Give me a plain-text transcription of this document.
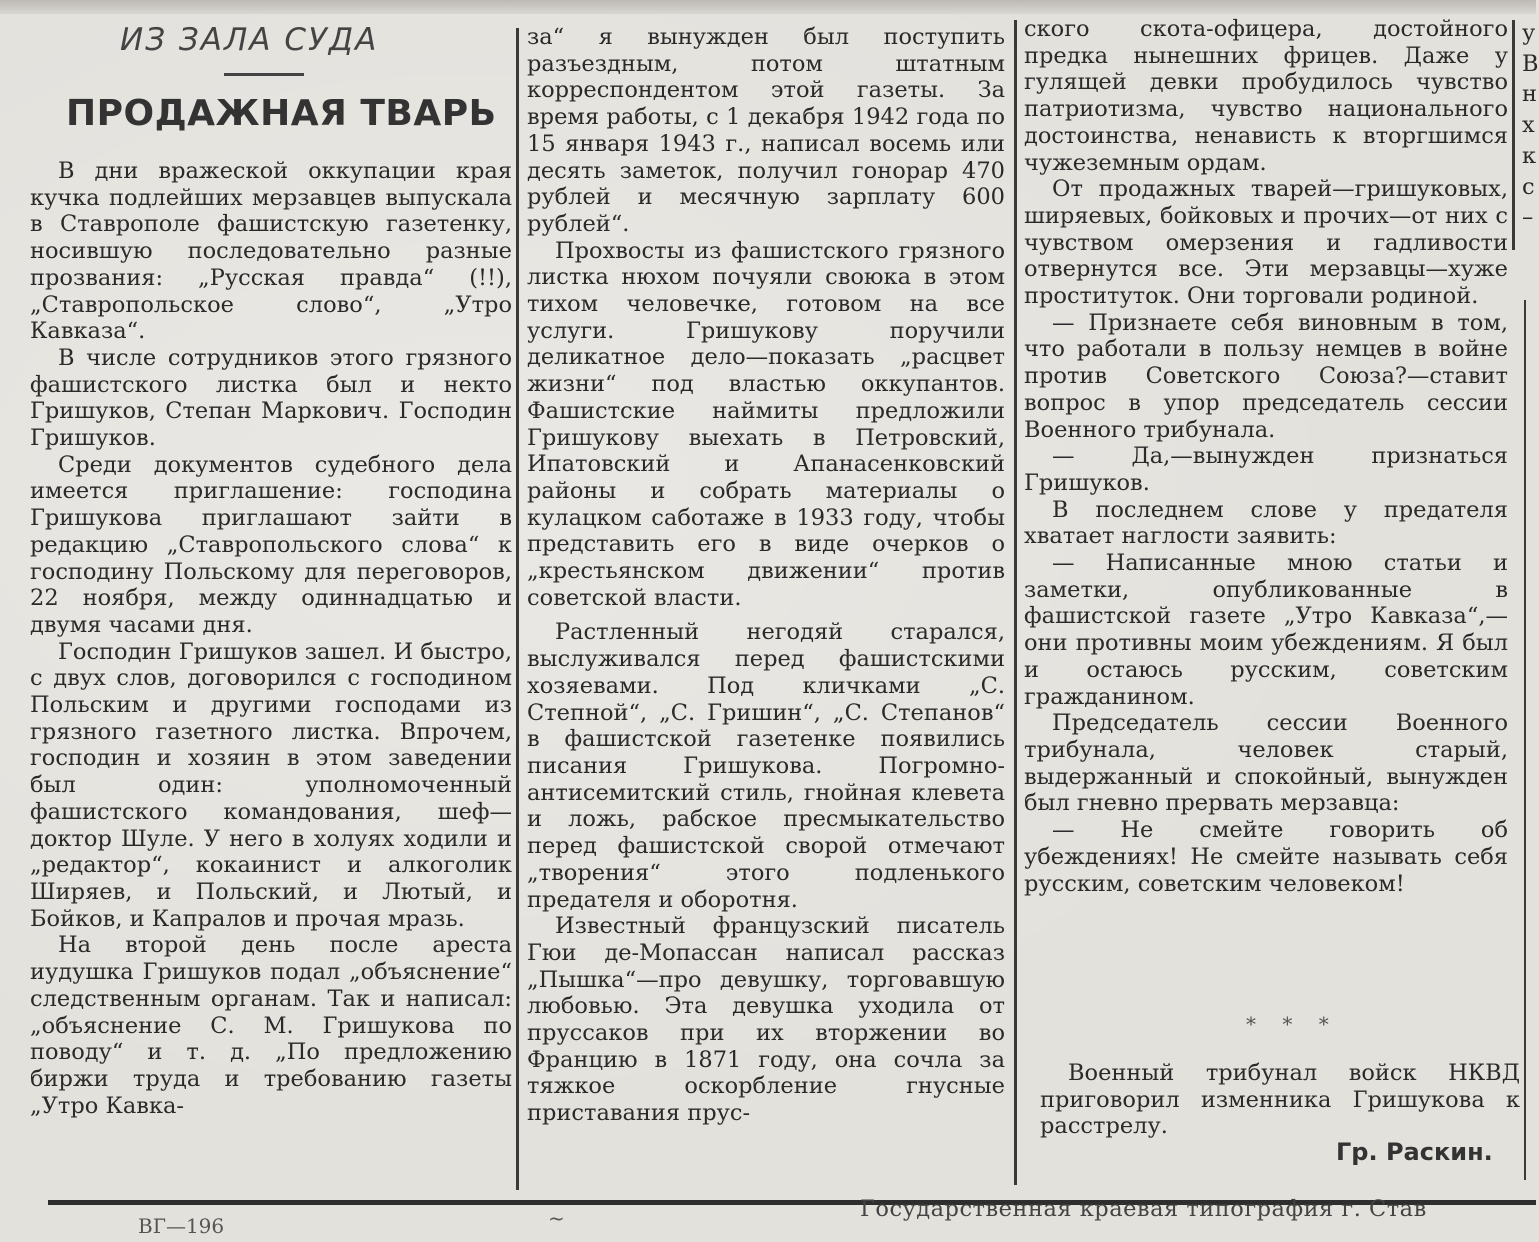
ИЗ ЗАЛА СУДА
ПРОДАЖНАЯ ТВАРЬ

В дни вражеской оккупации края кучка подлейших мерзавцев выпускала в Ставрополе фашистскую газетенку, носившую последовательно разные прозвания: „Русская правда“ (!!), „Ставропольское слово“, „Утро Кавказа“.

В числе сотрудников этого грязного фашистского листка был и некто Гришуков, Степан Маркович. Господин Гришуков.

Среди документов судебного дела имеется приглашение: господина Гришукова приглашают зайти в редакцию „Ставропольского слова“ к господину Польскому для переговоров, 22 ноября, между одиннадцатью и двумя часами дня.

Господин Гришуков зашел. И быстро, с двух слов, договорился с господином Польским и другими господами из грязного газетного листка. Впрочем, господин и хозяин в этом заведении был один: уполномоченный фашистского командования, шеф—доктор Шуле. У него в холуях ходили и „редактор“, кокаинист и алкоголик Ширяев, и Польский, и Лютый, и Бойков, и Капралов и прочая мразь.

На второй день после ареста иудушка Гришуков подал „объяснение“ следственным органам. Так и написал: „объяснение С. М. Гришукова по поводу“ и т. д. „По предложению биржи труда и требованию газеты „Утро Кавка-

за“ я вынужден был поступить разъездным, потом штатным корреспондентом этой газеты. За время работы, с 1 декабря 1942 года по 15 января 1943 г., написал восемь или десять заметок, получил гонорар 470 рублей и месячную зарплату 600 рублей“.

Прохвосты из фашистского грязного листка нюхом почуяли своюка в этом тихом человечке, готовом на все услуги. Гришукову поручили деликатное дело—показать „расцвет жизни“ под властью оккупантов. Фашистские наймиты предложили Гришукову выехать в Петровский, Ипатовский и Апанасенковский районы и собрать материалы о кулацком саботаже в 1933 году, чтобы представить его в виде очерков о „крестьянском движении“ против советской власти.

Растленный негодяй старался, выслуживался перед фашистскими хозяевами. Под кличками „С. Степной“, „С. Гришин“, „С. Степанов“ в фашистской газетенке появились писания Гришукова. Погромно-антисемитский стиль, гнойная клевета и ложь, рабское пресмыкательство перед фашистской сворой отмечают „творения“ этого подленького предателя и оборотня.

Известный французский писатель Гюи де-Мопассан написал рассказ „Пышка“—про девушку, торговавшую любовью. Эта девушка уходила от пруссаков при их вторжении во Францию в 1871 году, она сочла за тяжкое оскорбление гнусные приставания прус-

ского скота-офицера, достойного предка нынешних фрицев. Даже у гулящей девки пробудилось чувство патриотизма, чувство национального достоинства, ненависть к вторгшимся чужеземным ордам.

От продажных тварей—гришуковых, ширяевых, бойковых и прочих—от них с чувством омерзения и гадливости отвернутся все. Эти мерзавцы—хуже проституток. Они торговали родиной.

— Признаете себя виновным в том, что работали в пользу немцев в войне против Советского Союза?—ставит вопрос в упор председатель сессии Военного трибунала.

— Да,—вынужден признаться Гришуков.

В последнем слове у предателя хватает наглости заявить:

— Написанные мною статьи и заметки, опубликованные в фашистской газете „Утро Кавказа“,—они противны моим убеждениям. Я был и остаюсь русским, советским гражданином.

Председатель сессии Военного трибунала, человек старый, выдержанный и спокойный, вынужден был гневно прервать мерзавца:

— Не смейте говорить об убеждениях! Не смейте называть себя русским, советским человеком!

* * *

Военный трибунал войск НКВД приговорил изменника Гришукова к расстрелу.

Гр. Раскин.
у
В
н
х
к
с
–
ВГ—196	~	Государственная краевая типография г. Став
